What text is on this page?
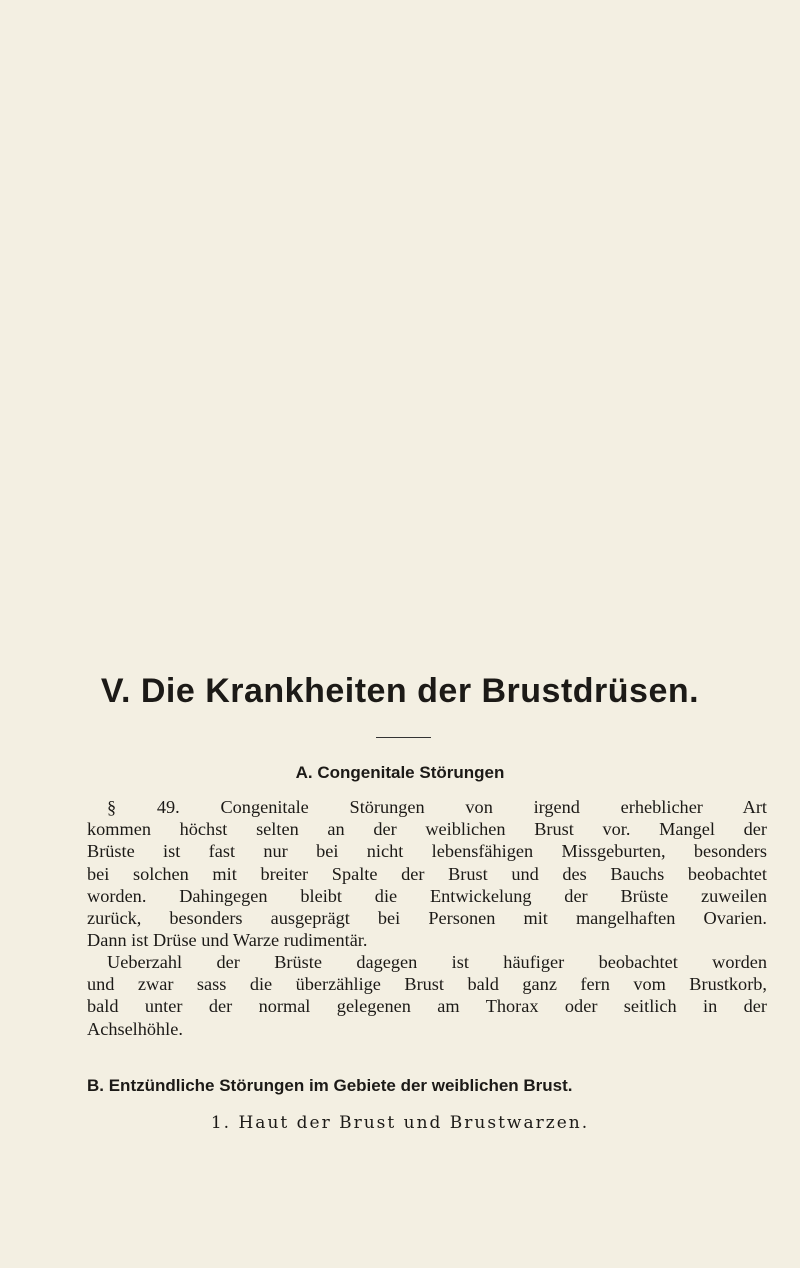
V. Die Krankheiten der Brustdrüsen.
A. Congenitale Störungen
§ 49. Congenitale Störungen von irgend erheblicher Art
kommen höchst selten an der weiblichen Brust vor. Mangel der
Brüste ist fast nur bei nicht lebensfähigen Missgeburten, besonders
bei solchen mit breiter Spalte der Brust und des Bauchs beobachtet
worden. Dahingegen bleibt die Entwickelung der Brüste zuweilen
zurück, besonders ausgeprägt bei Personen mit mangelhaften Ovarien.
Dann ist Drüse und Warze rudimentär.
Ueberzahl der Brüste dagegen ist häufiger beobachtet worden
und zwar sass die überzählige Brust bald ganz fern vom Brustkorb,
bald unter der normal gelegenen am Thorax oder seitlich in der
Achselhöhle.
B. Entzündliche Störungen im Gebiete der weiblichen Brust.
1. Haut der Brust und Brustwarzen.
